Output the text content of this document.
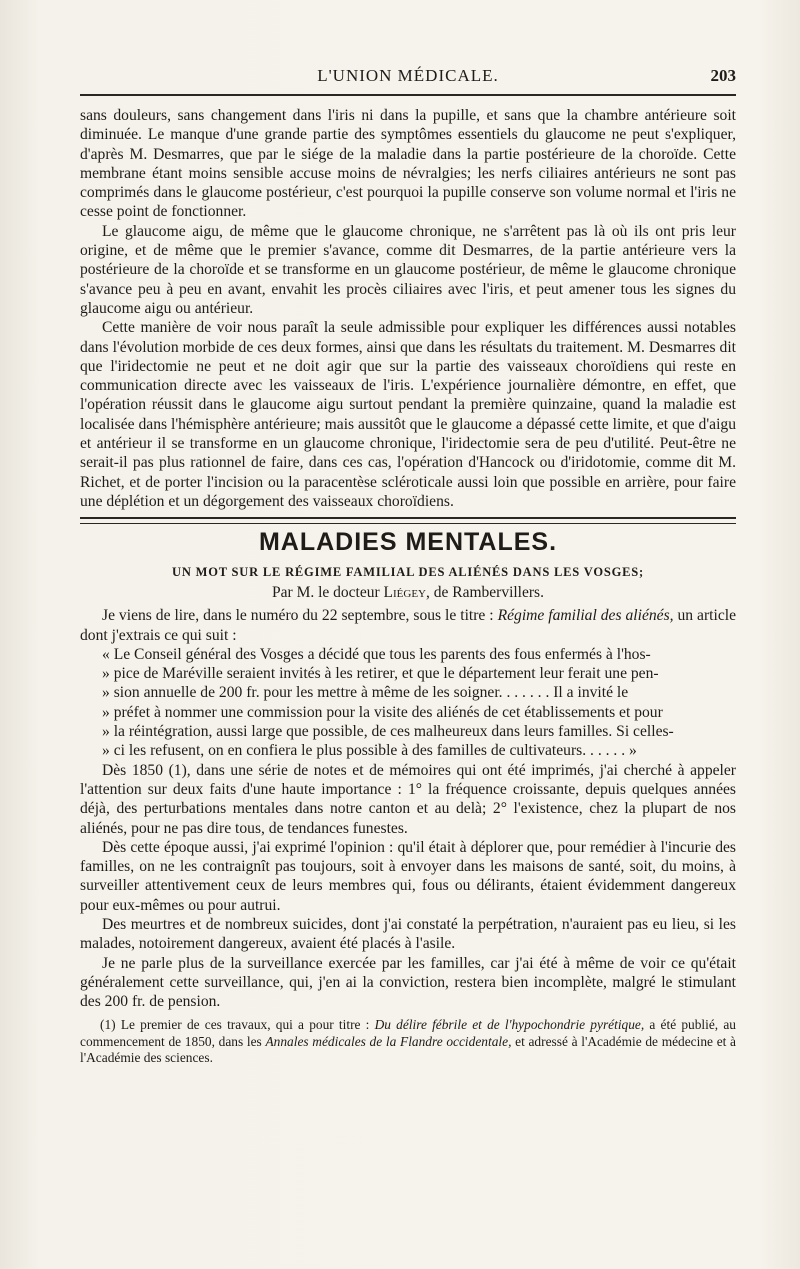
L'UNION MÉDICALE.	203

sans douleurs, sans changement dans l'iris ni dans la pupille, et sans que la chambre antérieure soit diminuée. Le manque d'une grande partie des symptômes essentiels du glaucome ne peut s'expliquer, d'après M. Desmarres, que par le siége de la maladie dans la partie postérieure de la choroïde. Cette membrane étant moins sensible accuse moins de névralgies; les nerfs ciliaires antérieurs ne sont pas comprimés dans le glaucome postérieur, c'est pourquoi la pupille conserve son volume normal et l'iris ne cesse point de fonctionner.

Le glaucome aigu, de même que le glaucome chronique, ne s'arrêtent pas là où ils ont pris leur origine, et de même que le premier s'avance, comme dit Desmarres, de la partie antérieure vers la postérieure de la choroïde et se transforme en un glaucome postérieur, de même le glaucome chronique s'avance peu à peu en avant, envahit les procès ciliaires avec l'iris, et peut amener tous les signes du glaucome aigu ou antérieur.

Cette manière de voir nous paraît la seule admissible pour expliquer les différences aussi notables dans l'évolution morbide de ces deux formes, ainsi que dans les résultats du traitement. M. Desmarres dit que l'iridectomie ne peut et ne doit agir que sur la partie des vaisseaux choroïdiens qui reste en communication directe avec les vaisseaux de l'iris. L'expérience journalière démontre, en effet, que l'opération réussit dans le glaucome aigu surtout pendant la première quinzaine, quand la maladie est localisée dans l'hémisphère antérieure; mais aussitôt que le glaucome a dépassé cette limite, et que d'aigu et antérieur il se transforme en un glaucome chronique, l'iridectomie sera de peu d'utilité. Peut-être ne serait-il pas plus rationnel de faire, dans ces cas, l'opération d'Hancock ou d'iridotomie, comme dit M. Richet, et de porter l'incision ou la paracentèse scléroticale aussi loin que possible en arrière, pour faire une déplétion et un dégorgement des vaisseaux choroïdiens.

MALADIES MENTALES.
UN MOT SUR LE RÉGIME FAMILIAL DES ALIÉNÉS DANS LES VOSGES;
Par M. le docteur Liégey, de Rambervillers.

Je viens de lire, dans le numéro du 22 septembre, sous le titre : Régime familial des aliénés, un article dont j'extrais ce qui suit :

« Le Conseil général des Vosges a décidé que tous les parents des fous enfermés à l'hos-

» pice de Maréville seraient invités à les retirer, et que le département leur ferait une pen-

» sion annuelle de 200 fr. pour les mettre à même de les soigner. . . . . . . Il a invité le

» préfet à nommer une commission pour la visite des aliénés de cet établissements et pour

» la réintégration, aussi large que possible, de ces malheureux dans leurs familles. Si celles-

» ci les refusent, on en confiera le plus possible à des familles de cultivateurs. . . . . . »

Dès 1850 (1), dans une série de notes et de mémoires qui ont été imprimés, j'ai cherché à appeler l'attention sur deux faits d'une haute importance : 1° la fréquence croissante, depuis quelques années déjà, des perturbations mentales dans notre canton et au delà; 2° l'existence, chez la plupart de nos aliénés, pour ne pas dire tous, de tendances funestes.

Dès cette époque aussi, j'ai exprimé l'opinion : qu'il était à déplorer que, pour remédier à l'incurie des familles, on ne les contraignît pas toujours, soit à envoyer dans les maisons de santé, soit, du moins, à surveiller attentivement ceux de leurs membres qui, fous ou délirants, étaient évidemment dangereux pour eux-mêmes ou pour autrui.

Des meurtres et de nombreux suicides, dont j'ai constaté la perpétration, n'auraient pas eu lieu, si les malades, notoirement dangereux, avaient été placés à l'asile.

Je ne parle plus de la surveillance exercée par les familles, car j'ai été à même de voir ce qu'était généralement cette surveillance, qui, j'en ai la conviction, restera bien incomplète, malgré le stimulant des 200 fr. de pension.

(1) Le premier de ces travaux, qui a pour titre : Du délire fébrile et de l'hypochondrie pyrétique, a été publié, au commencement de 1850, dans les Annales médicales de la Flandre occidentale, et adressé à l'Académie de médecine et à l'Académie des sciences.
